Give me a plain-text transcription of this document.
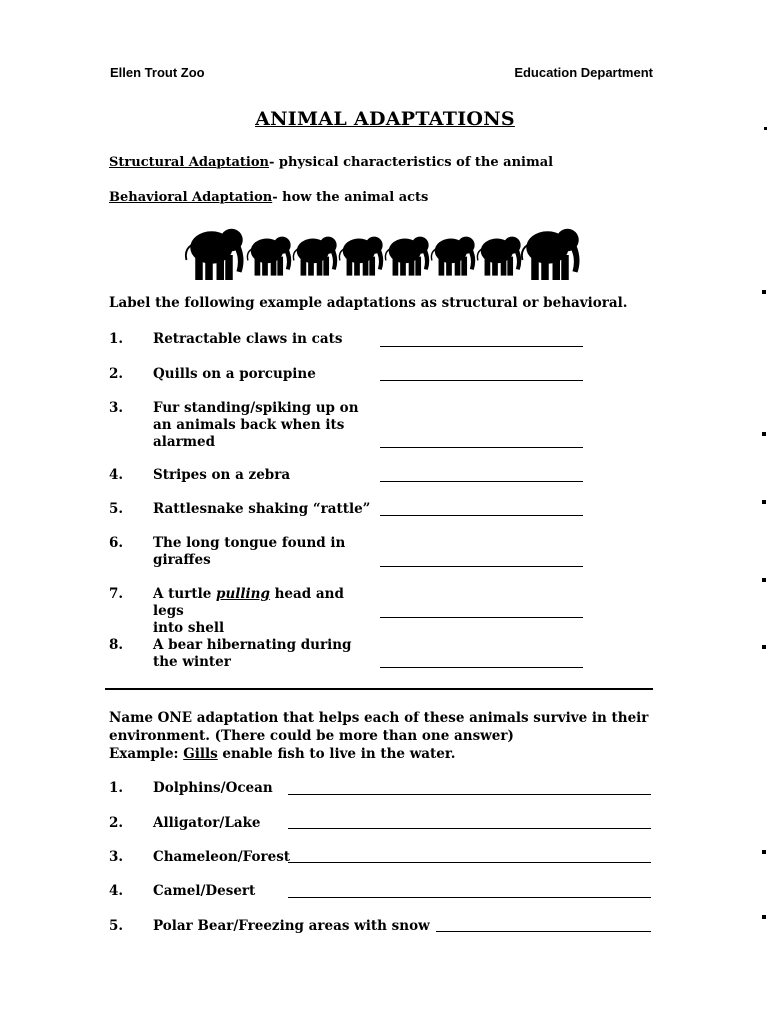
Ellen Trout Zoo	Education Department
ANIMAL ADAPTATIONS
Structural Adaptation- physical characteristics of the animal
Behavioral Adaptation- how the animal acts
Label the following example adaptations as structural or behavioral.
1. Retractable claws in cats
2. Quills on a porcupine
3. Fur standing/spiking up on
an animals back when its
alarmed
4. Stripes on a zebra
5. Rattlesnake shaking “rattle”
6. The long tongue found in
giraffes
7. A turtle pulling head and legs
into shell
8. A bear hibernating during
the winter
Name ONE adaptation that helps each of these animals survive in their
environment. (There could be more than one answer)
Example: Gills enable fish to live in the water.
1. Dolphins/Ocean
2. Alligator/Lake
3. Chameleon/Forest
4. Camel/Desert
5. Polar Bear/Freezing areas with snow
